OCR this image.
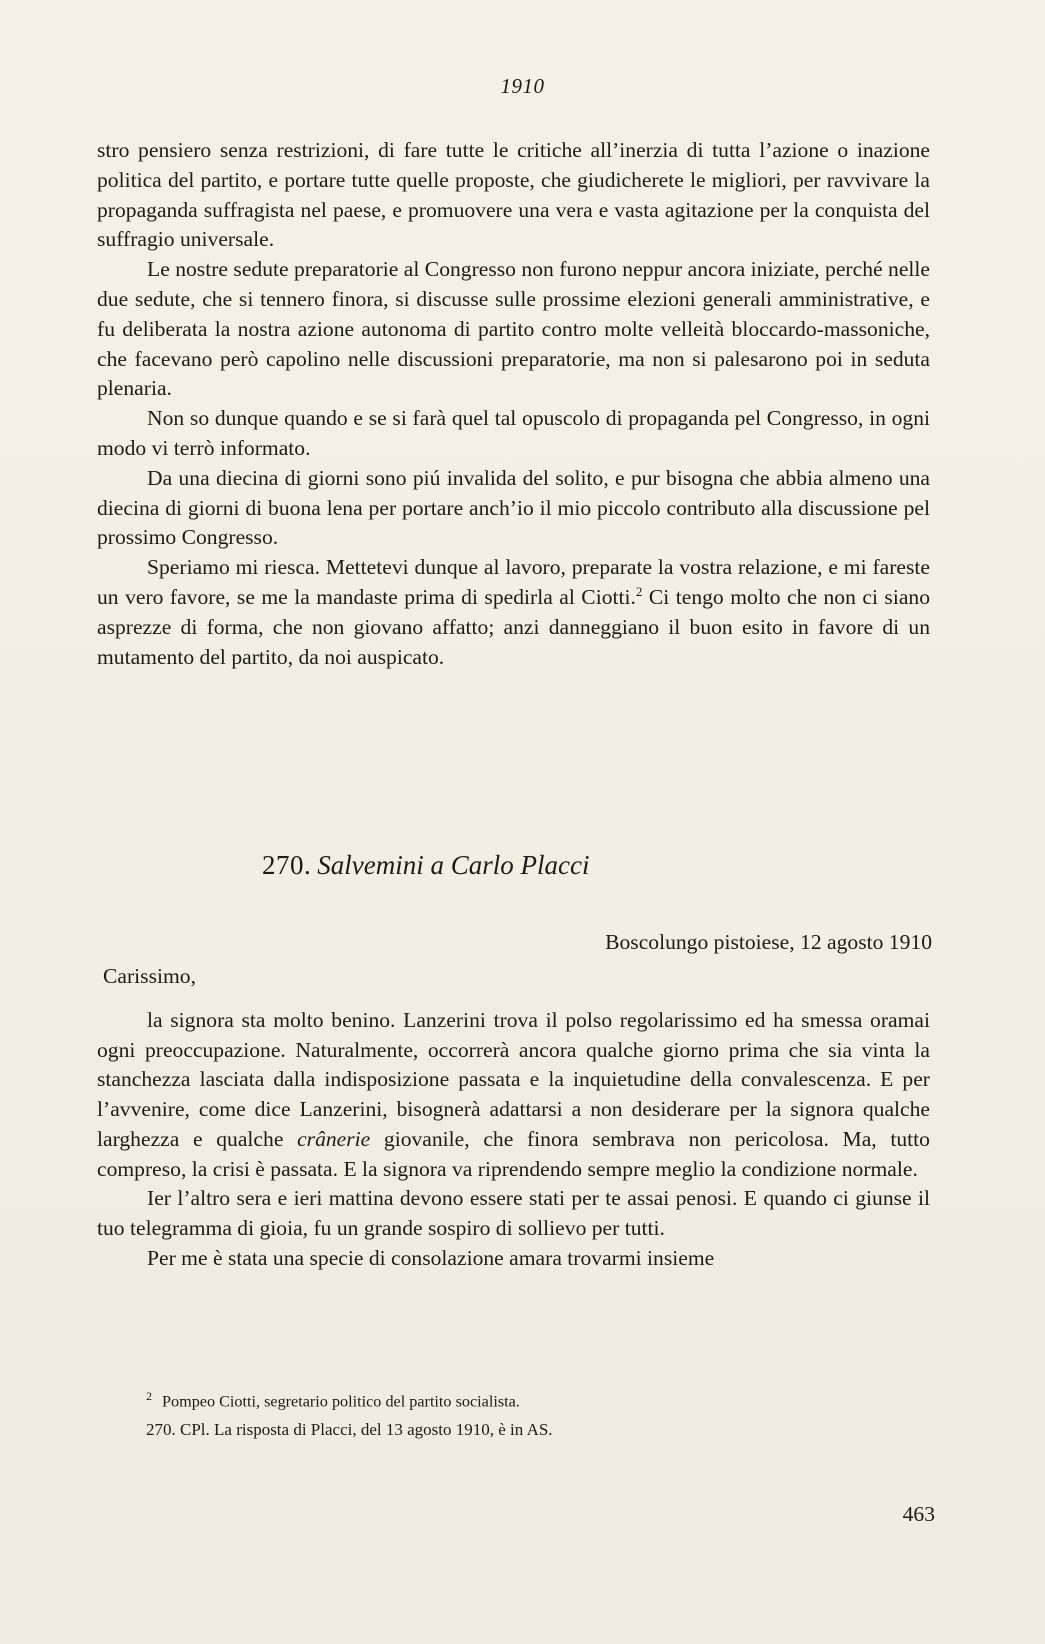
1910

stro pensiero senza restrizioni, di fare tutte le critiche all’inerzia di tutta l’azione o inazione politica del partito, e portare tutte quelle proposte, che giudicherete le migliori, per ravvivare la propaganda suffragista nel paese, e promuovere una vera e vasta agitazione per la conquista del suffragio universale.

Le nostre sedute preparatorie al Congresso non furono neppur ancora iniziate, perché nelle due sedute, che si tennero finora, si discusse sulle prossime elezioni generali amministrative, e fu deliberata la nostra azione autonoma di partito contro molte velleità bloccardo-massoniche, che facevano però capolino nelle discussioni preparatorie, ma non si palesarono poi in seduta plenaria.

Non so dunque quando e se si farà quel tal opuscolo di propaganda pel Congresso, in ogni modo vi terrò informato.

Da una diecina di giorni sono piú invalida del solito, e pur bisogna che abbia almeno una diecina di giorni di buona lena per portare anch’io il mio piccolo contributo alla discussione pel prossimo Congresso.

Speriamo mi riesca. Mettetevi dunque al lavoro, preparate la vostra relazione, e mi fareste un vero favore, se me la mandaste prima di spedirla al Ciotti.$^2$ Ci tengo molto che non ci siano asprezze di forma, che non giovano affatto; anzi danneggiano il buon esito in favore di un mutamento del partito, da noi auspicato.

270. Salvemini a Carlo Placci
Boscolungo pistoiese, 12 agosto 1910
Carissimo,

la signora sta molto benino. Lanzerini trova il polso regolarissimo ed ha smessa oramai ogni preoccupazione. Naturalmente, occorrerà ancora qualche giorno prima che sia vinta la stanchezza lasciata dalla indisposizione passata e la inquietudine della convalescenza. E per l’avvenire, come dice Lanzerini, bisognerà adattarsi a non desiderare per la signora qualche larghezza e qualche crânerie giovanile, che finora sembrava non pericolosa. Ma, tutto compreso, la crisi è passata. E la signora va riprendendo sempre meglio la condizione normale.

Ier l’altro sera e ieri mattina devono essere stati per te assai penosi. E quando ci giunse il tuo telegramma di gioia, fu un grande sospiro di sollievo per tutti.

Per me è stata una specie di consolazione amara trovarmi insieme

$^2$ Pompeo Ciotti, segretario politico del partito socialista.

270. CPl. La risposta di Placci, del 13 agosto 1910, è in AS.

463
